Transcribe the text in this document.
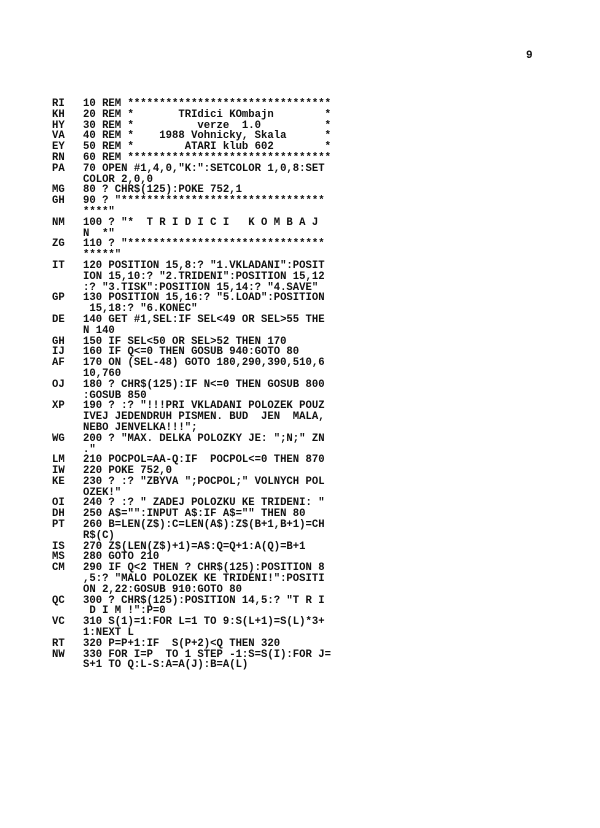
9
RI	10 REM ********************************
KH	20 REM *       TRIdici KOmbajn        *
HY	30 REM *          verze  1.0          *
VA	40 REM *    1988 Vohnicky, Skala      *
EY	50 REM *        ATARI klub 602        *
RN	60 REM ********************************
PA	70 OPEN #1,4,0,"K:":SETCOLOR 1,0,8:SET
COLOR 2,0,0
MG	80 ? CHR$(125):POKE 752,1
GH	90 ? "********************************
****"
NM	100 ? "*  T R I D I C I   K O M B A J
N  *"
ZG	110 ? "*******************************
*****"
IT	120 POSITION 15,8:? "1.VKLADANI":POSIT
ION 15,10:? "2.TRIDENI":POSITION 15,12
:? "3.TISK":POSITION 15,14:? "4.SAVE"
GP	130 POSITION 15,16:? "5.LOAD":POSITION
15,18:? "6.KONEC"
DE	140 GET #1,SEL:IF SEL<49 OR SEL>55 THE
N 140
GH	150 IF SEL<50 OR SEL>52 THEN 170
IJ	160 IF Q<=0 THEN GOSUB 940:GOTO 80
AF	170 ON (SEL-48) GOTO 180,290,390,510,6
10,760
OJ	180 ? CHR$(125):IF N<=0 THEN GOSUB 800
:GOSUB 850
XP	190 ? :? "!!!PRI VKLADANI POLOZEK POUZ
IVEJ JEDENDRUH PISMEN. BUD  JEN  MALA,
NEBO JENVELKA!!!";
WG	200 ? "MAX. DELKA POLOZKY JE: ";N;" ZN
."
LM	210 POCPOL=AA-Q:IF  POCPOL<=0 THEN 870
IW	220 POKE 752,0
KE	230 ? :? "ZBYVA ";POCPOL;" VOLNYCH POL
OZEK!"
OI	240 ? :? " ZADEJ POLOZKU KE TRIDENI: "
DH	250 A$="":INPUT A$:IF A$="" THEN 80
PT	260 B=LEN(Z$):C=LEN(A$):Z$(B+1,B+1)=CH
R$(C)
IS	270 Z$(LEN(Z$)+1)=A$:Q=Q+1:A(Q)=B+1
MS	280 GOTO 210
CM	290 IF Q<2 THEN ? CHR$(125):POSITION 8
,5:? "MALO POLOZEK KE TRIDENI!":POSITI
ON 2,22:GOSUB 910:GOTO 80
QC	300 ? CHR$(125):POSITION 14,5:? "T R I
D I M !":P=0
VC	310 S(1)=1:FOR L=1 TO 9:S(L+1)=S(L)*3+
1:NEXT L
RT	320 P=P+1:IF  S(P+2)<Q THEN 320
NW	330 FOR I=P  TO 1 STEP -1:S=S(I):FOR J=
S+1 TO Q:L-S:A=A(J):B=A(L)
